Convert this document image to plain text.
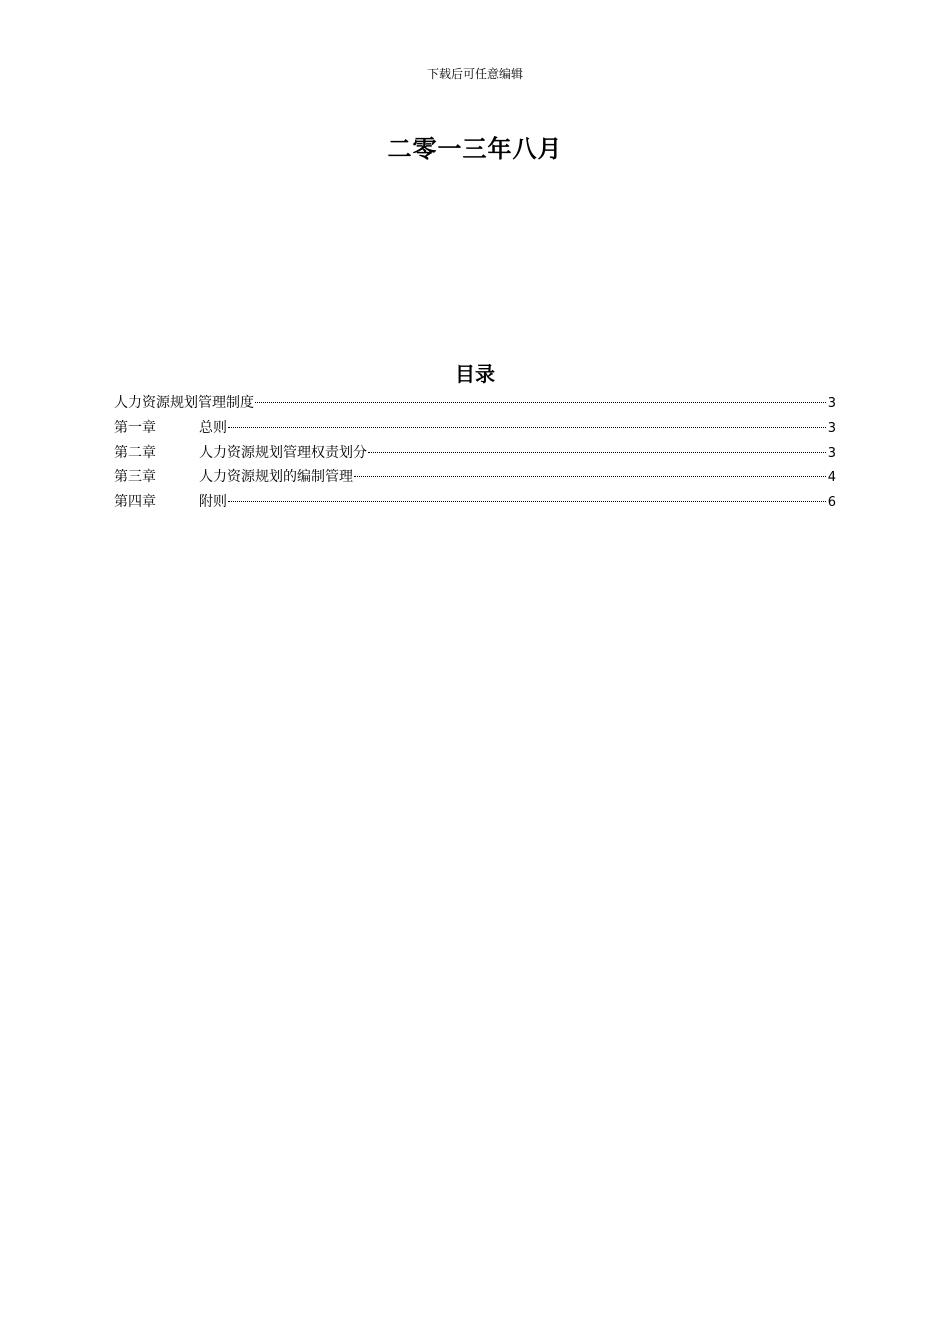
下载后可任意编辑
二零一三年八月
目录
人力资源规划管理制度	3
第一章	总则	3
第二章	人力资源规划管理权责划分	3
第三章	人力资源规划的编制管理	4
第四章	附则	6
